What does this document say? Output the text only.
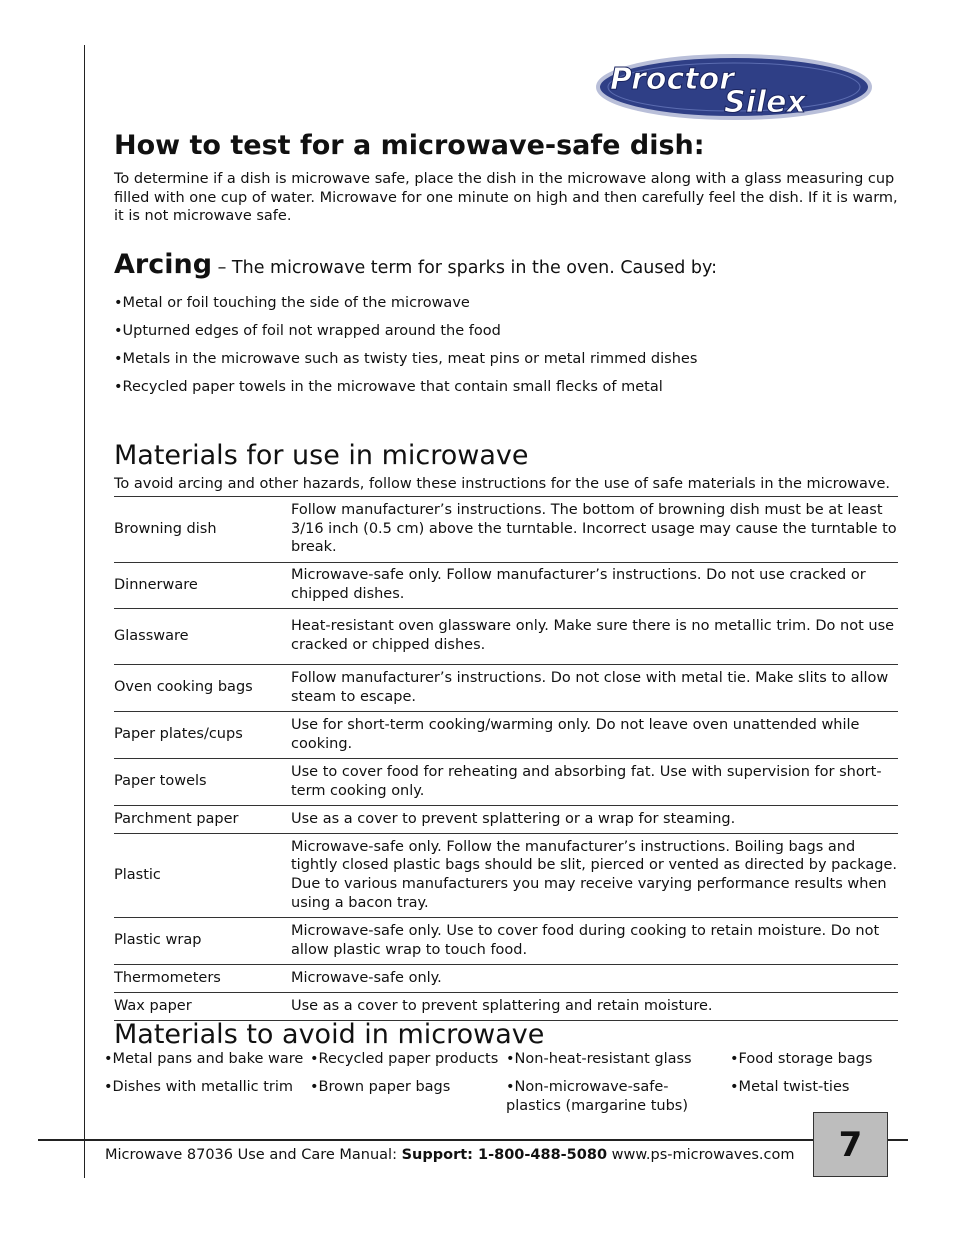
Proctor
Silex
How to test for a microwave-safe dish:

To determine if a dish is microwave safe, place the dish in the microwave along with a glass measuring cup filled with one cup of water. Microwave for one minute on high and then carefully feel the dish. If it is warm, it is not microwave safe.

Arcing – The microwave term for sparks in the oven. Caused by:
•Metal or foil touching the side of the microwave
•Upturned edges of foil not wrapped around the food
•Metals in the microwave such as twisty ties, meat pins or metal rimmed dishes
•Recycled paper towels in the microwave that contain small flecks of metal
Materials for use in microwave

To avoid arcing and other hazards, follow these instructions for the use of safe materials in the microwave.

Browning dish	Follow manufacturer’s instructions. The bottom of browning dish must be at least 3/16 inch (0.5 cm) above the turntable. Incorrect usage may cause the turntable to break.
Dinnerware	Microwave-safe only. Follow manufacturer’s instructions. Do not use cracked or chipped dishes.
Glassware	Heat-resistant oven glassware only. Make sure there is no metallic trim. Do not use cracked or chipped dishes.
Oven cooking bags	Follow manufacturer’s instructions. Do not close with metal tie. Make slits to allow steam to escape.
Paper plates/cups	Use for short-term cooking/warming only. Do not leave oven unattended while cooking.
Paper towels	Use to cover food for reheating and absorbing fat. Use with supervision for short-term cooking only.
Parchment paper	Use as a cover to prevent splattering or a wrap for steaming.
Plastic	Microwave-safe only. Follow the manufacturer’s instructions. Boiling bags and tightly closed plastic bags should be slit, pierced or vented as directed by package. Due to various manufacturers you may receive varying performance results when using a bacon tray.
Plastic wrap	Microwave-safe only. Use to cover food during cooking to retain moisture. Do not allow plastic wrap to touch food.
Thermometers	Microwave-safe only.
Wax paper	Use as a cover to prevent splattering and retain moisture.
Materials to avoid in microwave
•Metal pans and bake ware •Recycled paper products •Non-heat-resistant glass	•Food storage bags
•Dishes with metallic trim •Brown paper bags	•Non-microwave-safe-plastics (margarine tubs)
•Metal twist-ties
Microwave 87036 Use and Care Manual: Support: 1-800-488-5080 www.ps-microwaves.com	7
